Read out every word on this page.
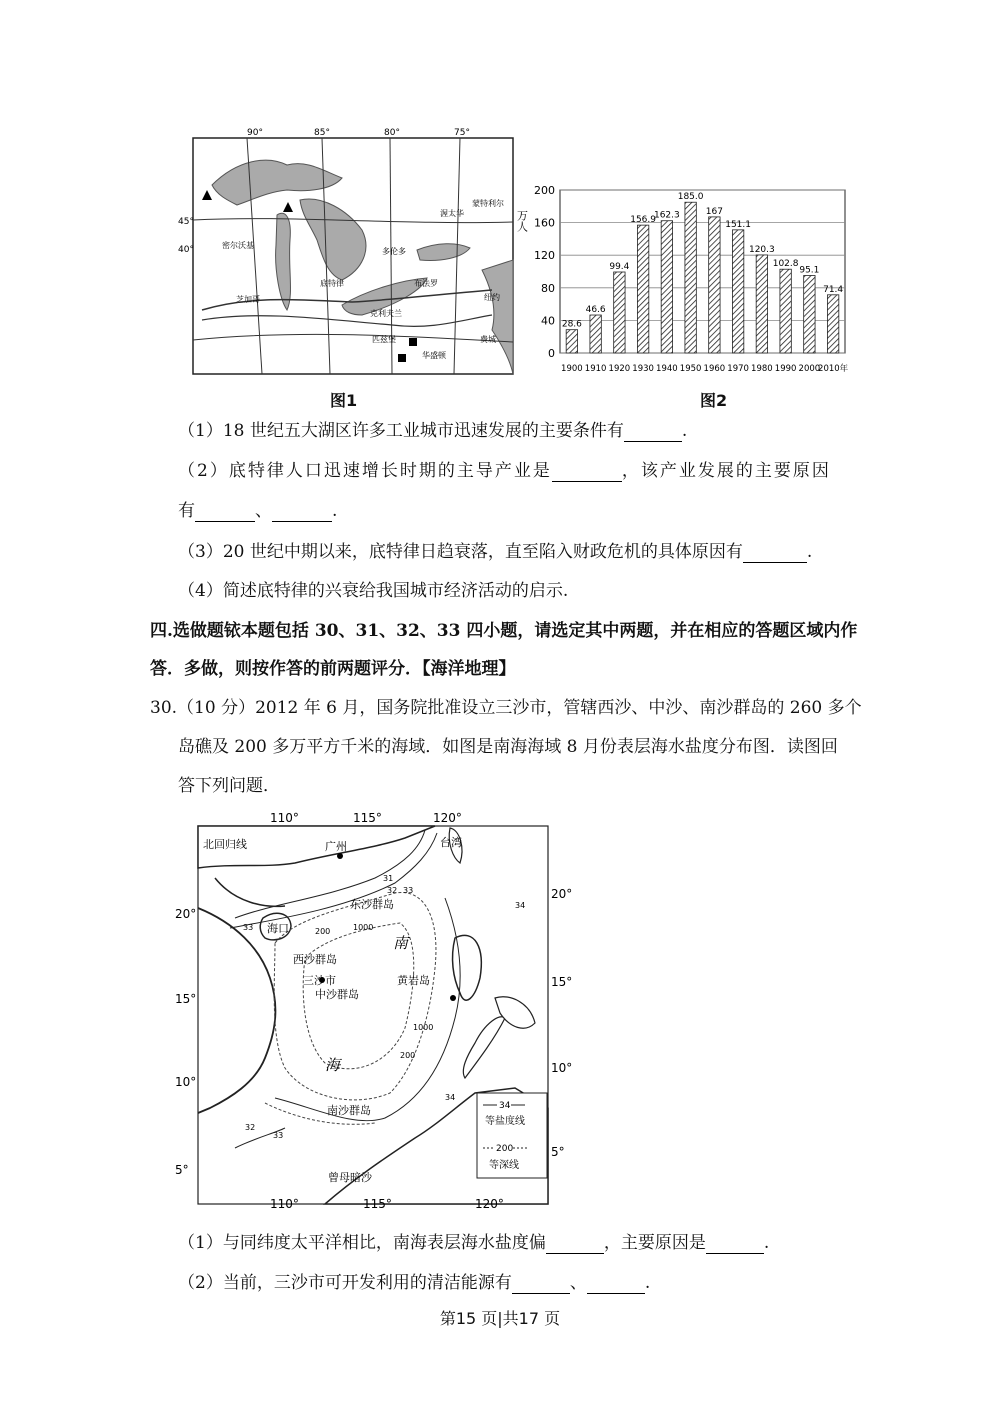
90°	85°	80°	75°
45°
40°
蒙特利尔
渥太华
多伦多
布法罗
密尔沃基
芝加哥
底特律
克利夫兰
纽约
匹兹堡
华盛顿
费城
图1
0
40
80
120
160
200
28.6
1900
46.6
1910
99.4
1920
156.9
1930
162.3
1940
185.0
1950
167
1960
151.1
1970
120.3
1980
102.8
1990
95.1
2000
71.4
2010年
万人
图2
（1）18 世纪五大湖区许多工业城市迅速发展的主要条件有	.
（2）底特律人口迅速增长时期的主导产业是	，该产业发展的主要原因
有	、	.
（3）20 世纪中期以来，底特律日趋衰落，直至陷入财政危机的具体原因有	.
（4）简述底特律的兴衰给我国城市经济活动的启示.
四.选做题铱本题包括 30、31、32、33 四小题，请选定其中两题，并在相应的答题区域内作
答．多做，则按作答的前两题评分．【海洋地理】
30.（10 分）2012 年 6 月，国务院批准设立三沙市，管辖西沙、中沙、南沙群岛的 260 多个
岛礁及 200 多万平方千米的海域．如图是南海海域 8 月份表层海水盐度分布图．读图回
答下列问题．
110°	115°	120°
110°	115°	120°
20°
15°
10°
5°
20°
15°
10°
5°
北回归线	广州	台湾
海口
东沙群岛
西沙群岛
三沙市
中沙群岛
黄岩岛
南
海
南沙群岛
曾母暗沙
31
32 33
33	1000
200
34
1000
200
34
32
33
34
等盐度线
200
等深线
（1）与同纬度太平洋相比，南海表层海水盐度偏	，主要原因是	.
（2）当前，三沙市可开发利用的清洁能源有	、	.
第15 页|共17 页
